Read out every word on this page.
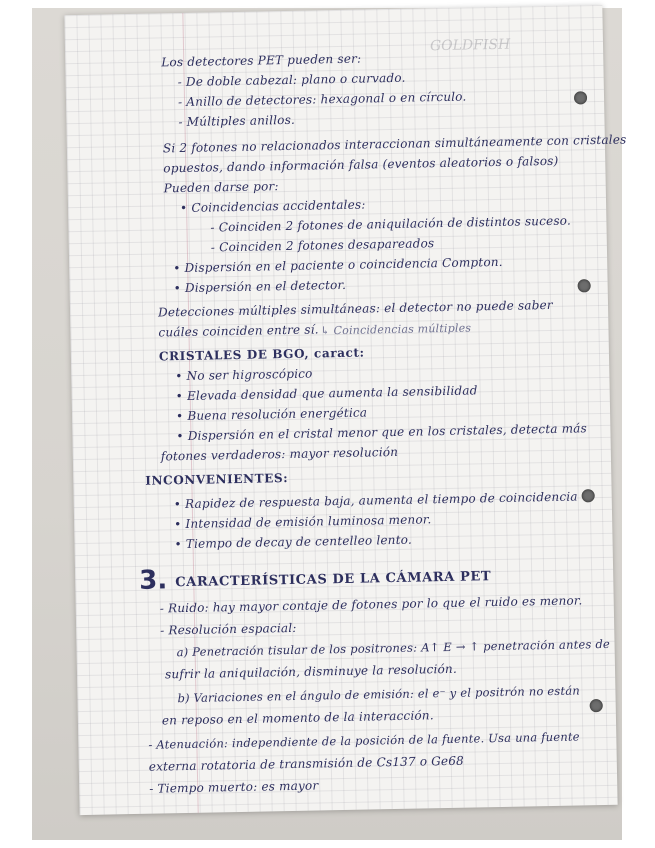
GOLDFISH
Los detectores PET pueden ser:
- De doble cabezal: plano o curvado.
- Anillo de detectores: hexagonal o en círculo.
- Múltiples anillos.
Si 2 fotones no relacionados interaccionan simultáneamente con cristales
opuestos, dando información falsa (eventos aleatorios o falsos)
Pueden darse por:
• Coincidencias accidentales:
- Coinciden 2 fotones de aniquilación de distintos suceso.
- Coinciden 2 fotones desapareados
• Dispersión en el paciente o coincidencia Compton.
• Dispersión en el detector.
Detecciones múltiples simultáneas: el detector no puede saber
cuáles coinciden entre sí. ↳ Coincidencias múltiples
CRISTALES DE BGO, caract:
• No ser higroscópico
• Elevada densidad que aumenta la sensibilidad
• Buena resolución energética
• Dispersión en el cristal menor que en los cristales, detecta más
fotones verdaderos: mayor resolución
INCONVENIENTES:
• Rapidez de respuesta baja, aumenta el tiempo de coincidencia
• Intensidad de emisión luminosa menor.
• Tiempo de decay de centelleo lento.
3. CARACTERÍSTICAS DE LA CÁMARA PET
- Ruido: hay mayor contaje de fotones por lo que el ruido es menor.
- Resolución espacial:
a) Penetración tisular de los positrones: A↑ E → ↑ penetración antes de
sufrir la aniquilación, disminuye la resolución.
b) Variaciones en el ángulo de emisión: el e⁻ y el positrón no están
en reposo en el momento de la interacción.
- Atenuación: independiente de la posición de la fuente. Usa una fuente
externa rotatoria de transmisión de Cs137 o Ge68
- Tiempo muerto: es mayor
